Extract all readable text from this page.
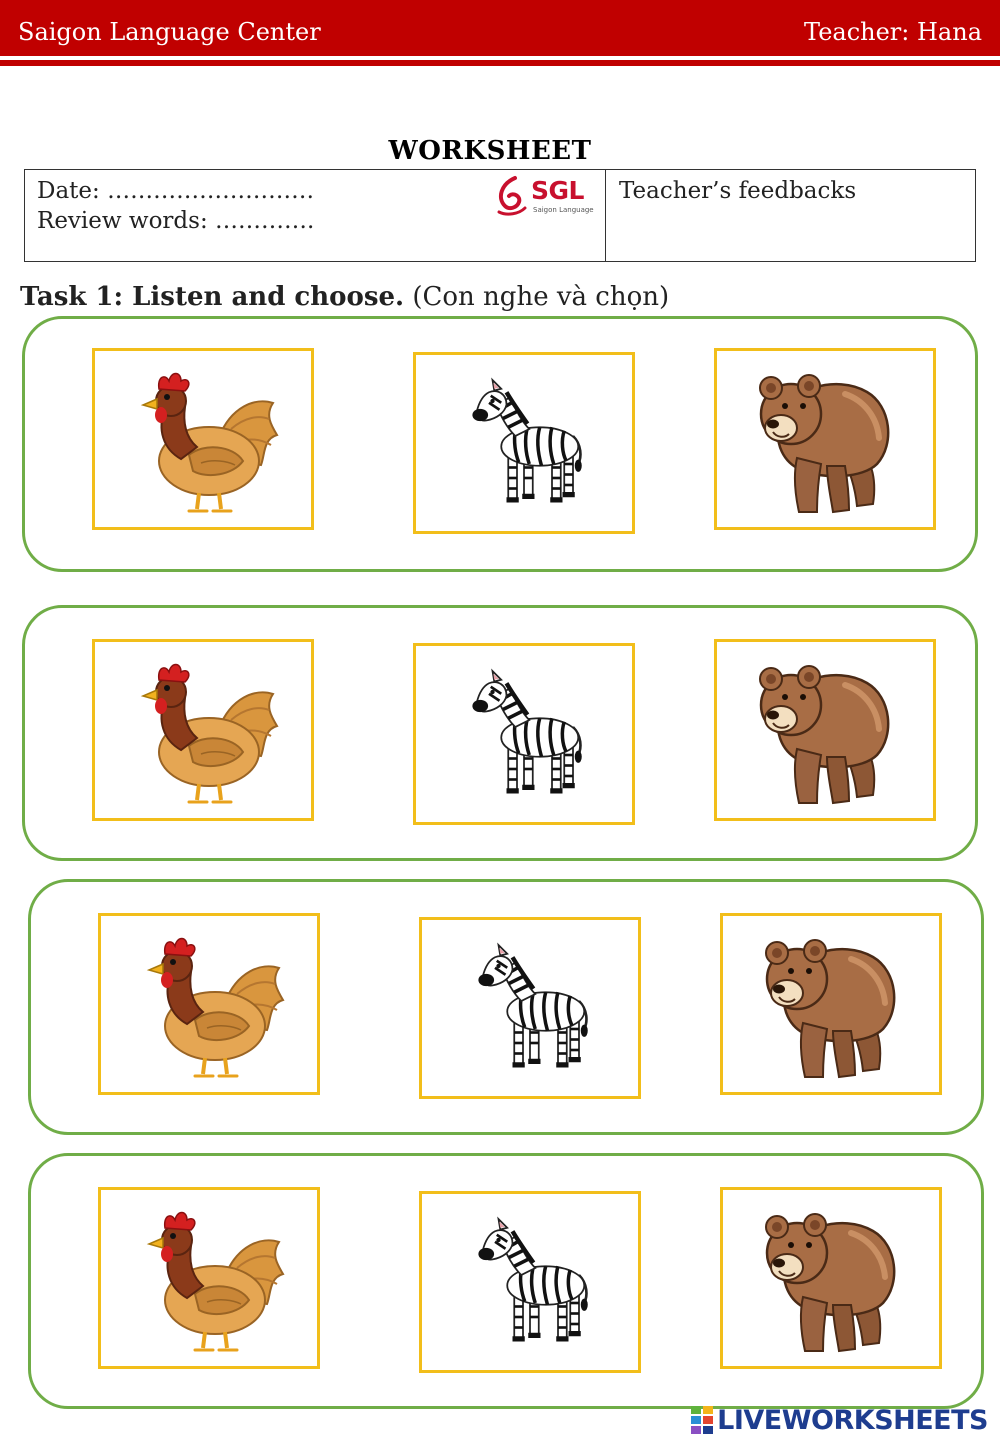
Saigon Language Center	Teacher: Hana
WORKSHEET
Date: ………………………
Review words: ………….
SGL
Saigon Language
Teacher’s feedbacks
Task 1: Listen and choose. (Con nghe và chọn)
LIVEWORKSHEETS
